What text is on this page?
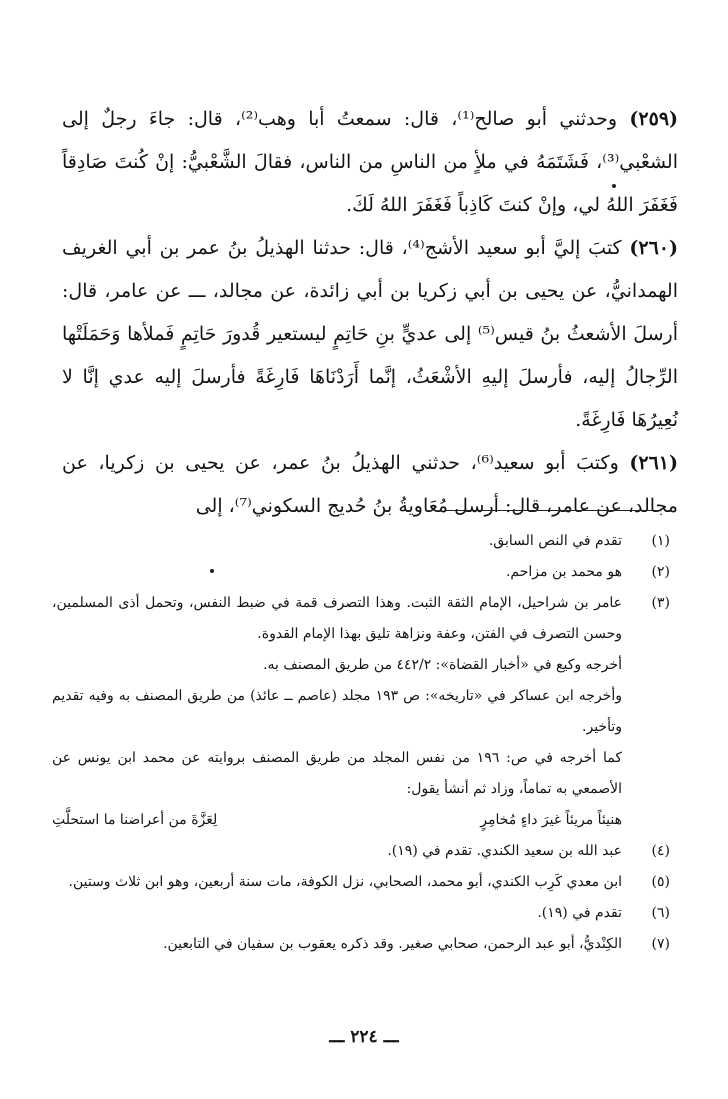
(٢٥٩) وحدثني أبو صالح⁽¹⁾، قال: سمعتُ أبا وهب⁽²⁾، قال: جاءَ رجلٌ إلى الشعْبي⁽³⁾، فَشَتَمَهُ في ملأٍ من الناسِ من الناس، فقالَ الشَّعْبيُّ: إنْ كُنتَ صَادِقاً فَغَفَرَ اللهُ لي، وإنْ كنتَ كَاذِباً فَغَفَرَ اللهُ لَكَ.

(٢٦٠) كتبَ إليَّ أبو سعيد الأشج⁽⁴⁾، قال: حدثنا الهذيلُ بنُ عمر بن أبي الغريف الهمدانيُّ، عن يحيى بن أبي زكريا بن أبي زائدة، عن مجالد، ـــ عن عامر، قال: أرسلَ الأشعثُ بنُ قيس⁽⁵⁾ إلى عديٍّ بنِ حَاتِمٍ ليستعير قُدورَ حَاتِمٍ فَملأها وَحَمَلَتْها الرِّجالُ إليه، فأرسلَ إليهِ الأشْعَثُ، إنَّما أَرَدْنَاهَا فَارِغَةً فأرسلَ إليه عدي إنَّا لا نُعِيرُهَا فَارِغَةً.

(٢٦١) وكتبَ أبو سعيد⁽⁶⁾، حدثني الهذيلُ بنُ عمر، عن يحيى بن زكريا، عن مجالد، عن عامر، قال: أرسل مُعَاويةُ بنُ حُديج السكوني⁽⁷⁾، إلى

(١)

تقدم في النص السابق.

(٢)

هو محمد بن مزاحم.

(٣)

عامر بن شراحيل، الإمام الثقة الثبت. وهذا التصرف قمة في ضبط النفس، وتحمل أذى المسلمين، وحسن التصرف في الفتن، وعفة ونزاهة تليق بهذا الإمام القدوة.

أخرجه وكيع في «أخبار القضاة»: ٤٤٢/٢ من طريق المصنف به.

وأخرجه ابن عساكر في «تاريخه»: ص ١٩٣ مجلد (عاصم ــ عائذ) من طريق المصنف به وفيه تقديم وتأخير.

كما أخرجه في ص: ١٩٦ من نفس المجلد من طريق المصنف بروايته عن محمد ابن يونس عن الأصمعي به تماماً، وزاد ثم أنشأ يقول:

هنيئاً مريئاً غيرَ داءٍ مُخامِرٍ
لِعَزَّةَ من أعراضنا ما استحلَّتِ
(٤)

عبد الله بن سعيد الكندي. تقدم في (١٩).

(٥)

ابن معدي كَرِب الكندي، أبو محمد، الصحابي، نزل الكوفة، مات سنة أربعين، وهو ابن ثلاث وستين.

(٦)

تقدم في (١٩).

(٧)

الكِنْديُّ، أبو عبد الرحمن، صحابي صغير. وقد ذكره يعقوب بن سفيان في التابعين.

ـــ ٢٢٤ ـــ
